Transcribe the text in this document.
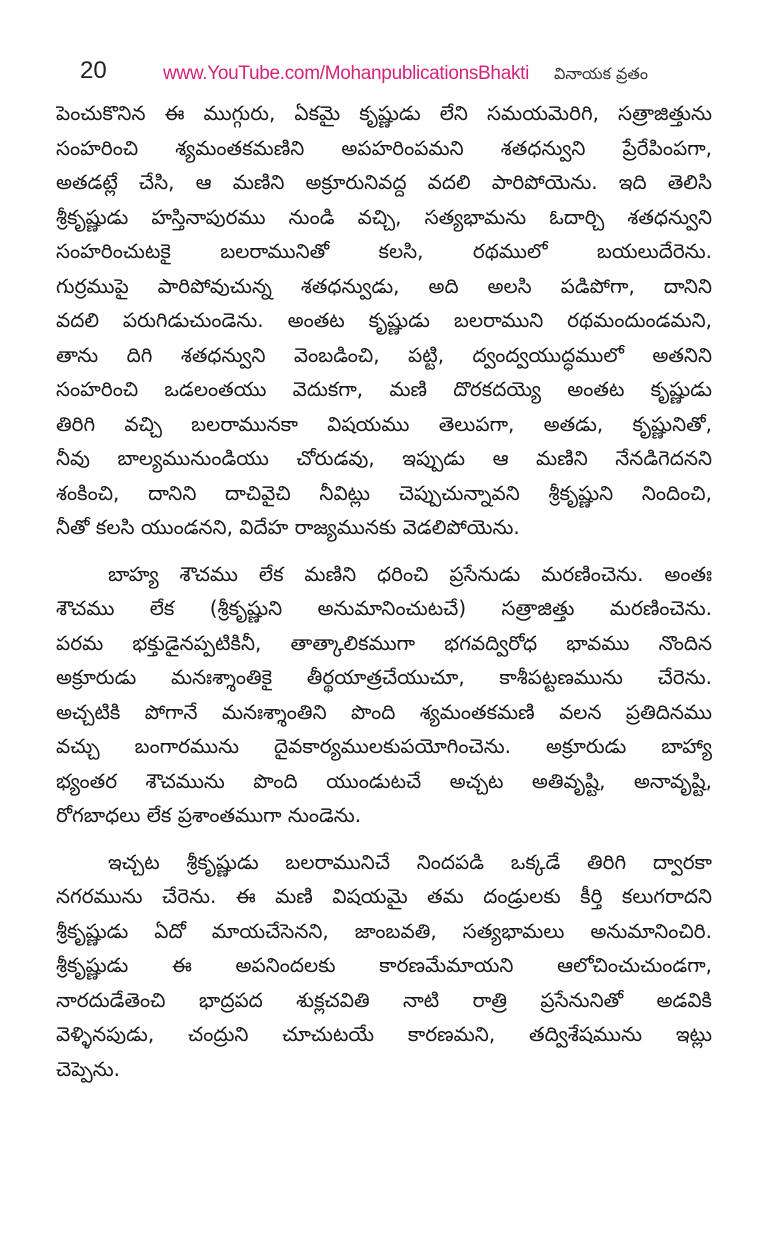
20	www.YouTube.com/MohanpublicationsBhakti వినాయక వ్రతం
పెంచుకొనిన ఈ ముగ్గురు, ఏకమై కృష్ణుడు లేని సమయమెరిగి, సత్రాజిత్తును
సంహరించి శ్యమంతకమణిని అపహరింపమని శతధన్వుని ప్రేరేపింపగా,
అతడట్లే చేసి, ఆ మణిని అక్రూరునివద్ద వదలి పారిపోయెను. ఇది తెలిసి
శ్రీకృష్ణుడు హస్తినాపురము నుండి వచ్చి, సత్యభామను ఓదార్చి శతధన్వుని
సంహరించుటకై బలరామునితో కలసి, రథములో బయలుదేరెను.
గుర్రముపై పారిపోవుచున్న శతధన్వుడు, అది అలసి పడిపోగా, దానిని
వదలి పరుగిడుచుండెను. అంతట కృష్ణుడు బలరాముని రథమందుండమని,
తాను దిగి శతధన్వుని వెంబడించి, పట్టి, ద్వంద్వయుద్ధములో అతనిని
సంహరించి ఒడలంతయు వెదుకగా, మణి దొరకదయ్యె అంతట కృష్ణుడు
తిరిగి వచ్చి బలరామునకా విషయము తెలుపగా, అతడు, కృష్ణునితో,
నీవు బాల్యమునుండియు చోరుడవు, ఇప్పుడు ఆ మణిని నేనడిగెదనని
శంకించి, దానిని దాచివైచి నీవిట్లు చెప్పుచున్నావని శ్రీకృష్ణుని నిందించి,
నీతో కలసి యుండనని, విదేహ రాజ్యమునకు వెడలిపోయెను.
బాహ్య శౌచము లేక మణిని ధరించి ప్రసేనుడు మరణించెను. అంతః
శౌచము లేక (శ్రీకృష్ణుని అనుమానించుటచే) సత్రాజిత్తు మరణించెను.
పరమ భక్తుడైనప్పటికినీ, తాత్కాలికముగా భగవద్విరోధ భావము నొందిన
అక్రూరుడు మనఃశ్శాంతికై తీర్థయాత్రచేయుచూ, కాశీపట్టణమును చేరెను.
అచ్చటికి పోగానే మనఃశ్శాంతిని పొంది శ్యమంతకమణి వలన ప్రతిదినము
వచ్చు బంగారమును దైవకార్యములకుపయోగించెను. అక్రూరుడు బాహ్యా
భ్యంతర శౌచమును పొంది యుండుటచే అచ్చట అతివృష్టి, అనావృష్టి,
రోగబాధలు లేక ప్రశాంతముగా నుండెను.
ఇచ్చట శ్రీకృష్ణుడు బలరామునిచే నిందపడి ఒక్కడే తిరిగి ద్వారకా
నగరమును చేరెను. ఈ మణి విషయమై తమ దండ్రులకు కీర్తి కలుగరాదని
శ్రీకృష్ణుడు ఏదో మాయచేసెనని, జాంబవతి, సత్యభామలు అనుమానించిరి.
శ్రీకృష్ణుడు ఈ అపనిందలకు కారణమేమాయని ఆలోచించుచుండగా,
నారదుడేతెంచి భాద్రపద శుక్లచవితి నాటి రాత్రి ప్రసేనునితో అడవికి
వెళ్ళినపుడు, చంద్రుని చూచుటయే కారణమని, తద్విశేషమును ఇట్లు
చెప్పెను.
